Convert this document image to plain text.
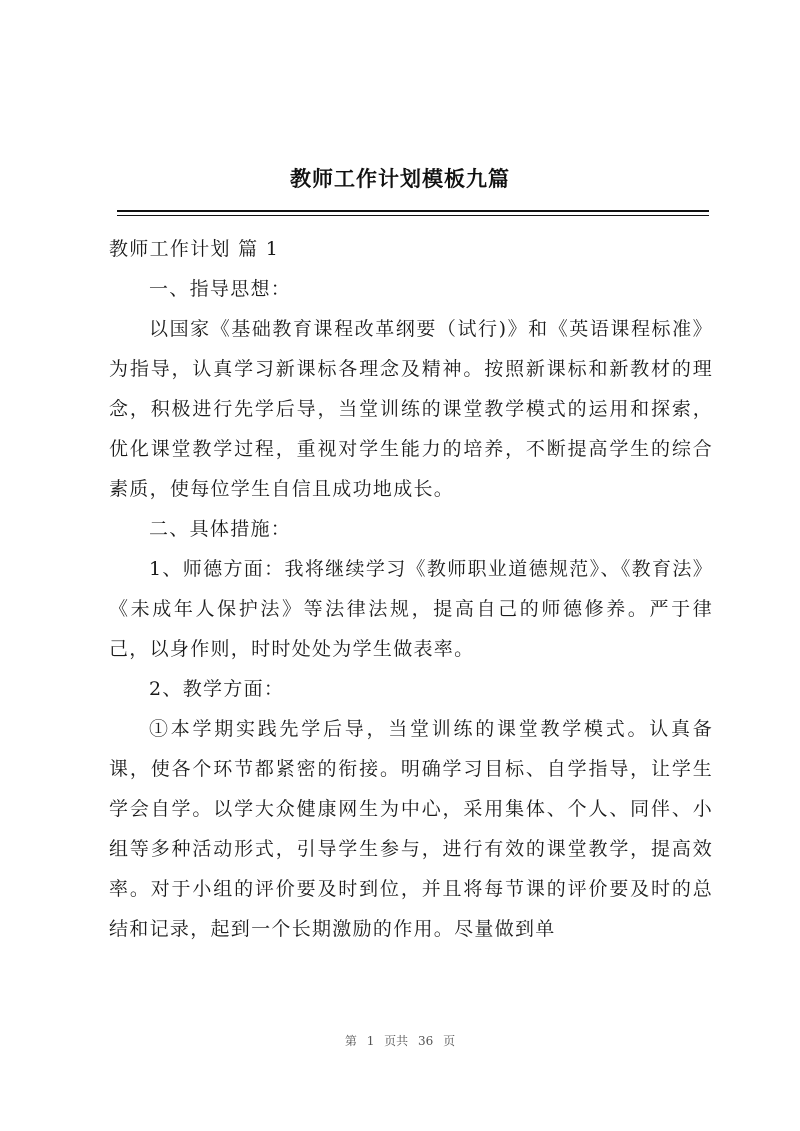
教师工作计划模板九篇

教师工作计划 篇 1

一、指导思想：

以国家《基础教育课程改革纲要（试行)》和《英语课程标准》为指导，认真学习新课标各理念及精神。按照新课标和新教材的理念，积极进行先学后导，当堂训练的课堂教学模式的运用和探索，优化课堂教学过程，重视对学生能力的培养，不断提高学生的综合素质，使每位学生自信且成功地成长。

二、具体措施：

1、师德方面：我将继续学习《教师职业道德规范》、《教育法》《未成年人保护法》等法律法规，提高自己的师德修养。严于律己，以身作则，时时处处为学生做表率。

2、教学方面：

①本学期实践先学后导，当堂训练的课堂教学模式。认真备课，使各个环节都紧密的衔接。明确学习目标、自学指导，让学生学会自学。以学大众健康网生为中心，采用集体、个人、同伴、小组等多种活动形式，引导学生参与，进行有效的课堂教学，提高效率。对于小组的评价要及时到位，并且将每节课的评价要及时的总结和记录，起到一个长期激励的作用。尽量做到单

第 1 页共 36 页
